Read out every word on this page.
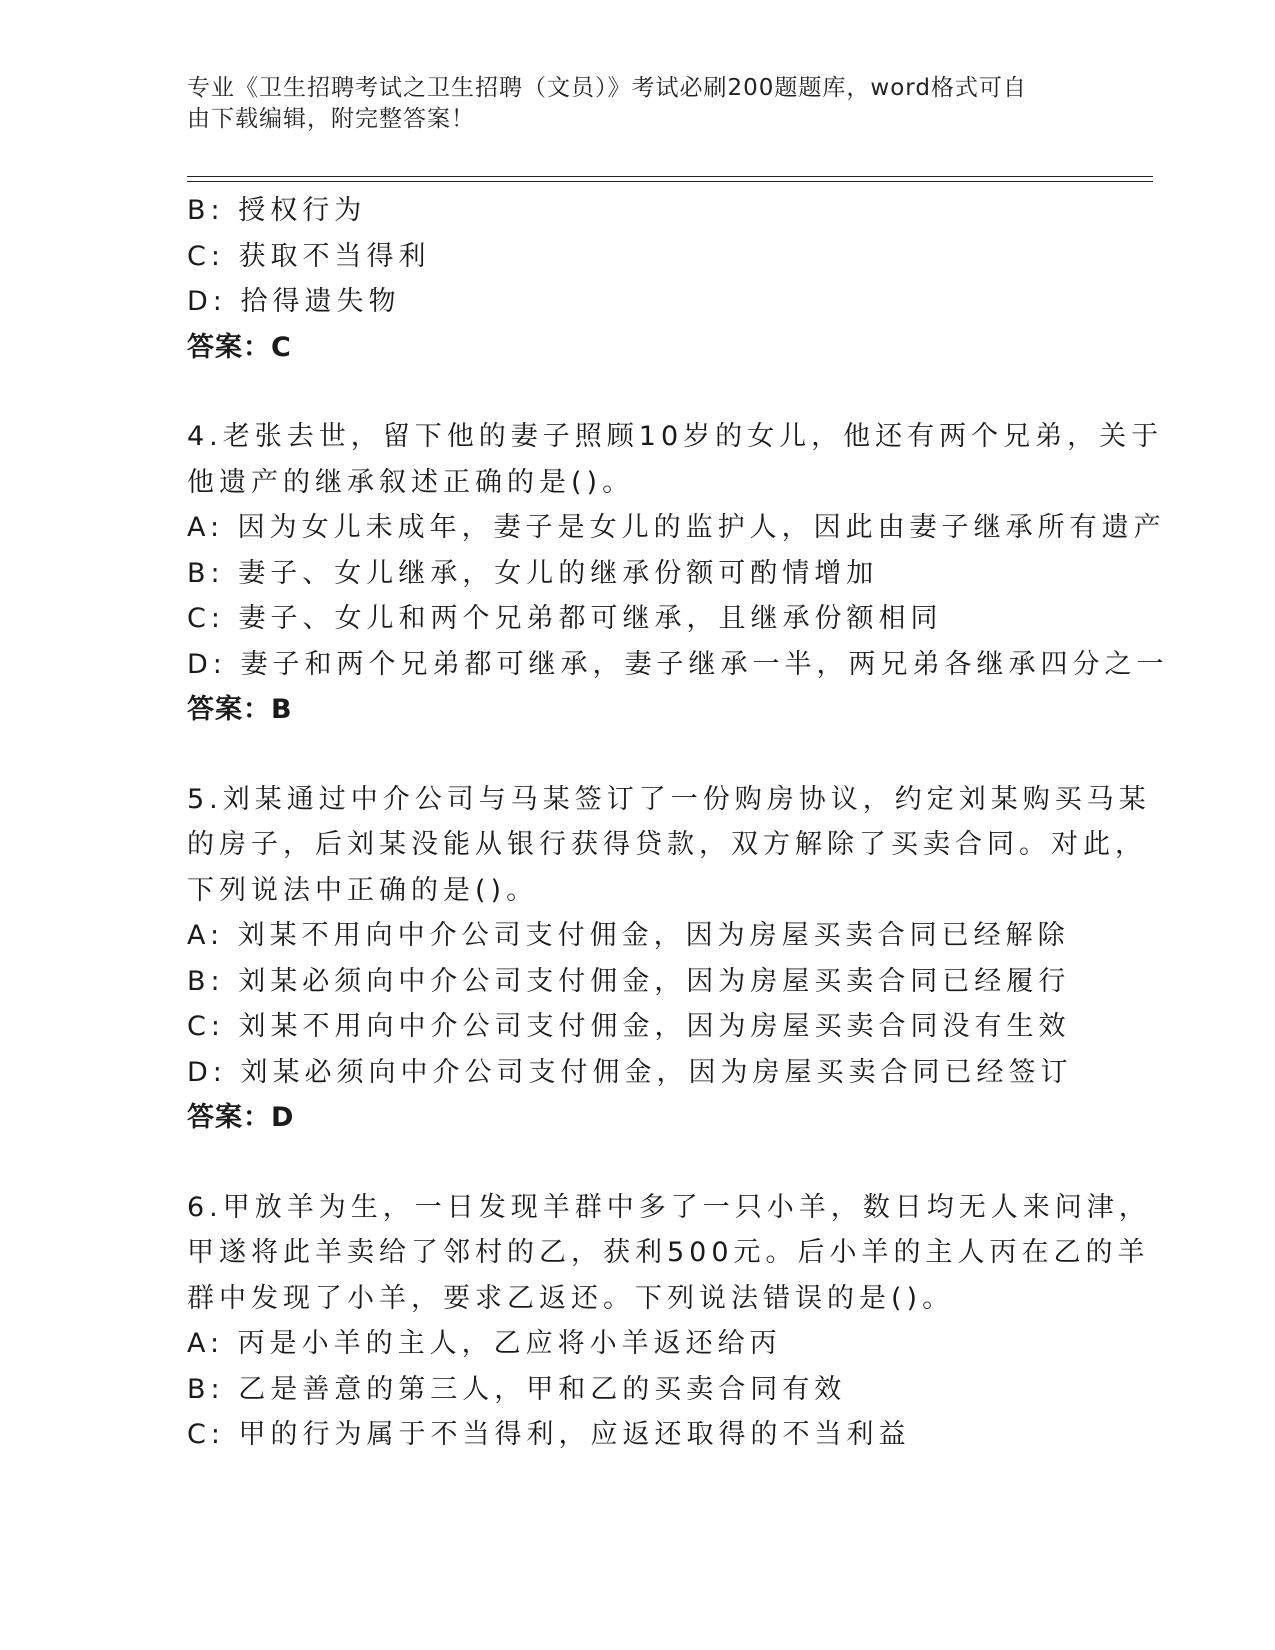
专业《卫生招聘考试之卫生招聘（文员）》考试必刷200题题库，word格式可自
由下载编辑，附完整答案！
B: 授权行为
C: 获取不当得利
D: 拾得遗失物
答案：C
4.老张去世，留下他的妻子照顾10岁的女儿，他还有两个兄弟，关于
他遗产的继承叙述正确的是()。
A: 因为女儿未成年，妻子是女儿的监护人，因此由妻子继承所有遗产
B: 妻子、女儿继承，女儿的继承份额可酌情增加
C: 妻子、女儿和两个兄弟都可继承，且继承份额相同
D: 妻子和两个兄弟都可继承，妻子继承一半，两兄弟各继承四分之一
答案：B
5.刘某通过中介公司与马某签订了一份购房协议，约定刘某购买马某
的房子，后刘某没能从银行获得贷款，双方解除了买卖合同。对此，
下列说法中正确的是()。
A: 刘某不用向中介公司支付佣金，因为房屋买卖合同已经解除
B: 刘某必须向中介公司支付佣金，因为房屋买卖合同已经履行
C: 刘某不用向中介公司支付佣金，因为房屋买卖合同没有生效
D: 刘某必须向中介公司支付佣金，因为房屋买卖合同已经签订
答案：D
6.甲放羊为生，一日发现羊群中多了一只小羊，数日均无人来问津，
甲遂将此羊卖给了邻村的乙，获利500元。后小羊的主人丙在乙的羊
群中发现了小羊，要求乙返还。下列说法错误的是()。
A: 丙是小羊的主人，乙应将小羊返还给丙
B: 乙是善意的第三人，甲和乙的买卖合同有效
C: 甲的行为属于不当得利，应返还取得的不当利益
